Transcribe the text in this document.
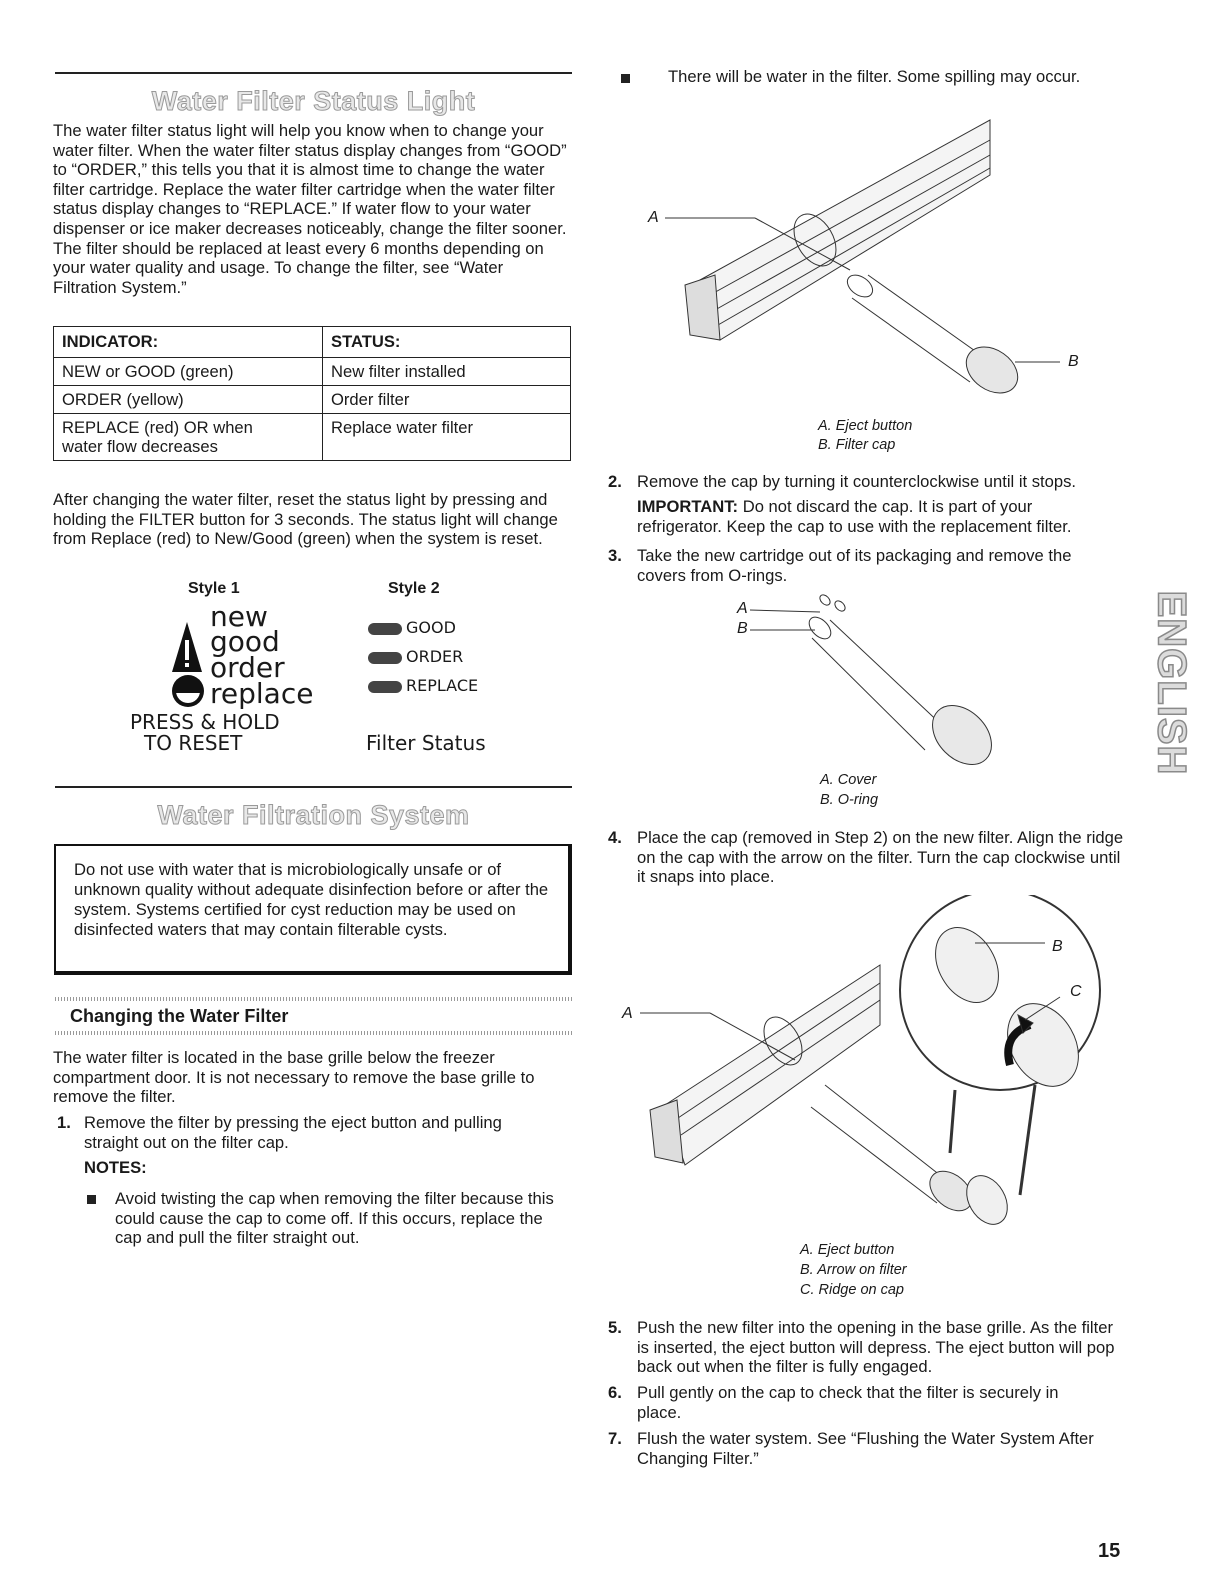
Water Filter Status Light
The water filter status light will help you know when to change your water filter. When the water filter status display changes from “GOOD” to “ORDER,” this tells you that it is almost time to change the water filter cartridge. Replace the water filter cartridge when the water filter status display changes to “REPLACE.” If water flow to your water dispenser or ice maker decreases noticeably, change the filter sooner. The filter should be replaced at least every 6 months depending on your water quality and usage. To change the filter, see “Water Filtration System.”
INDICATOR:	STATUS:
NEW or GOOD (green)	New filter installed
ORDER (yellow)	Order filter
REPLACE (red) OR when water flow decreases	Replace water filter
After changing the water filter, reset the status light by pressing and holding the FILTER button for 3 seconds. The status light will change from Replace (red) to New/Good (green) when the system is reset.
Style 1
new
good
order
replace
PRESS & HOLD
TO RESET
Style 2
GOOD
ORDER
REPLACE
Filter Status
Water Filtration System
Do not use with water that is microbiologically unsafe or of unknown quality without adequate disinfection before or after the system. Systems certified for cyst reduction may be used on disinfected waters that may contain filterable cysts.
Changing the Water Filter
The water filter is located in the base grille below the freezer compartment door. It is not necessary to remove the base grille to remove the filter.
1. Remove the filter by pressing the eject button and pulling straight out on the filter cap.
NOTES:
Avoid twisting the cap when removing the filter because this could cause the cap to come off. If this occurs, replace the cap and pull the filter straight out.
There will be water in the filter. Some spilling may occur.
A
B
A. Eject button
B. Filter cap
2. Remove the cap by turning it counterclockwise until it stops.
IMPORTANT: Do not discard the cap. It is part of your refrigerator. Keep the cap to use with the replacement filter.
3. Take the new cartridge out of its packaging and remove the covers from O-rings.
A
B
A. Cover
B. O-ring
4. Place the cap (removed in Step 2) on the new filter. Align the ridge on the cap with the arrow on the filter. Turn the cap clockwise until it snaps into place.
A
B
C
A. Eject button
B. Arrow on filter
C. Ridge on cap
5. Push the new filter into the opening in the base grille. As the filter is inserted, the eject button will depress. The eject button will pop back out when the filter is fully engaged.
6. Pull gently on the cap to check that the filter is securely in place.
7. Flush the water system. See “Flushing the Water System After Changing Filter.”
ENGLISH
15
